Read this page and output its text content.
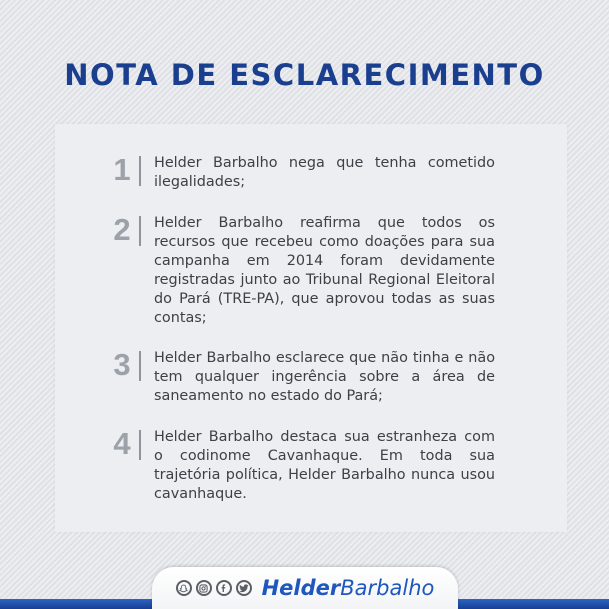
NOTA DE ESCLARECIMENTO
1 Helder Barbalho nega que tenha cometido ilegalidades;
2 Helder Barbalho reafirma que todos os recursos que recebeu como doações para sua campanha em 2014 foram devidamente registradas junto ao Tribunal Regional Eleitoral do Pará (TRE-PA), que aprovou todas as suas contas;
3 Helder Barbalho esclarece que não tinha e não tem qualquer ingerência sobre a área de saneamento no estado do Pará;
4 Helder Barbalho destaca sua estranheza com o codinome Cavanhaque. Em toda sua trajetória política, Helder Barbalho nunca usou cavanhaque.
HelderBarbalho
